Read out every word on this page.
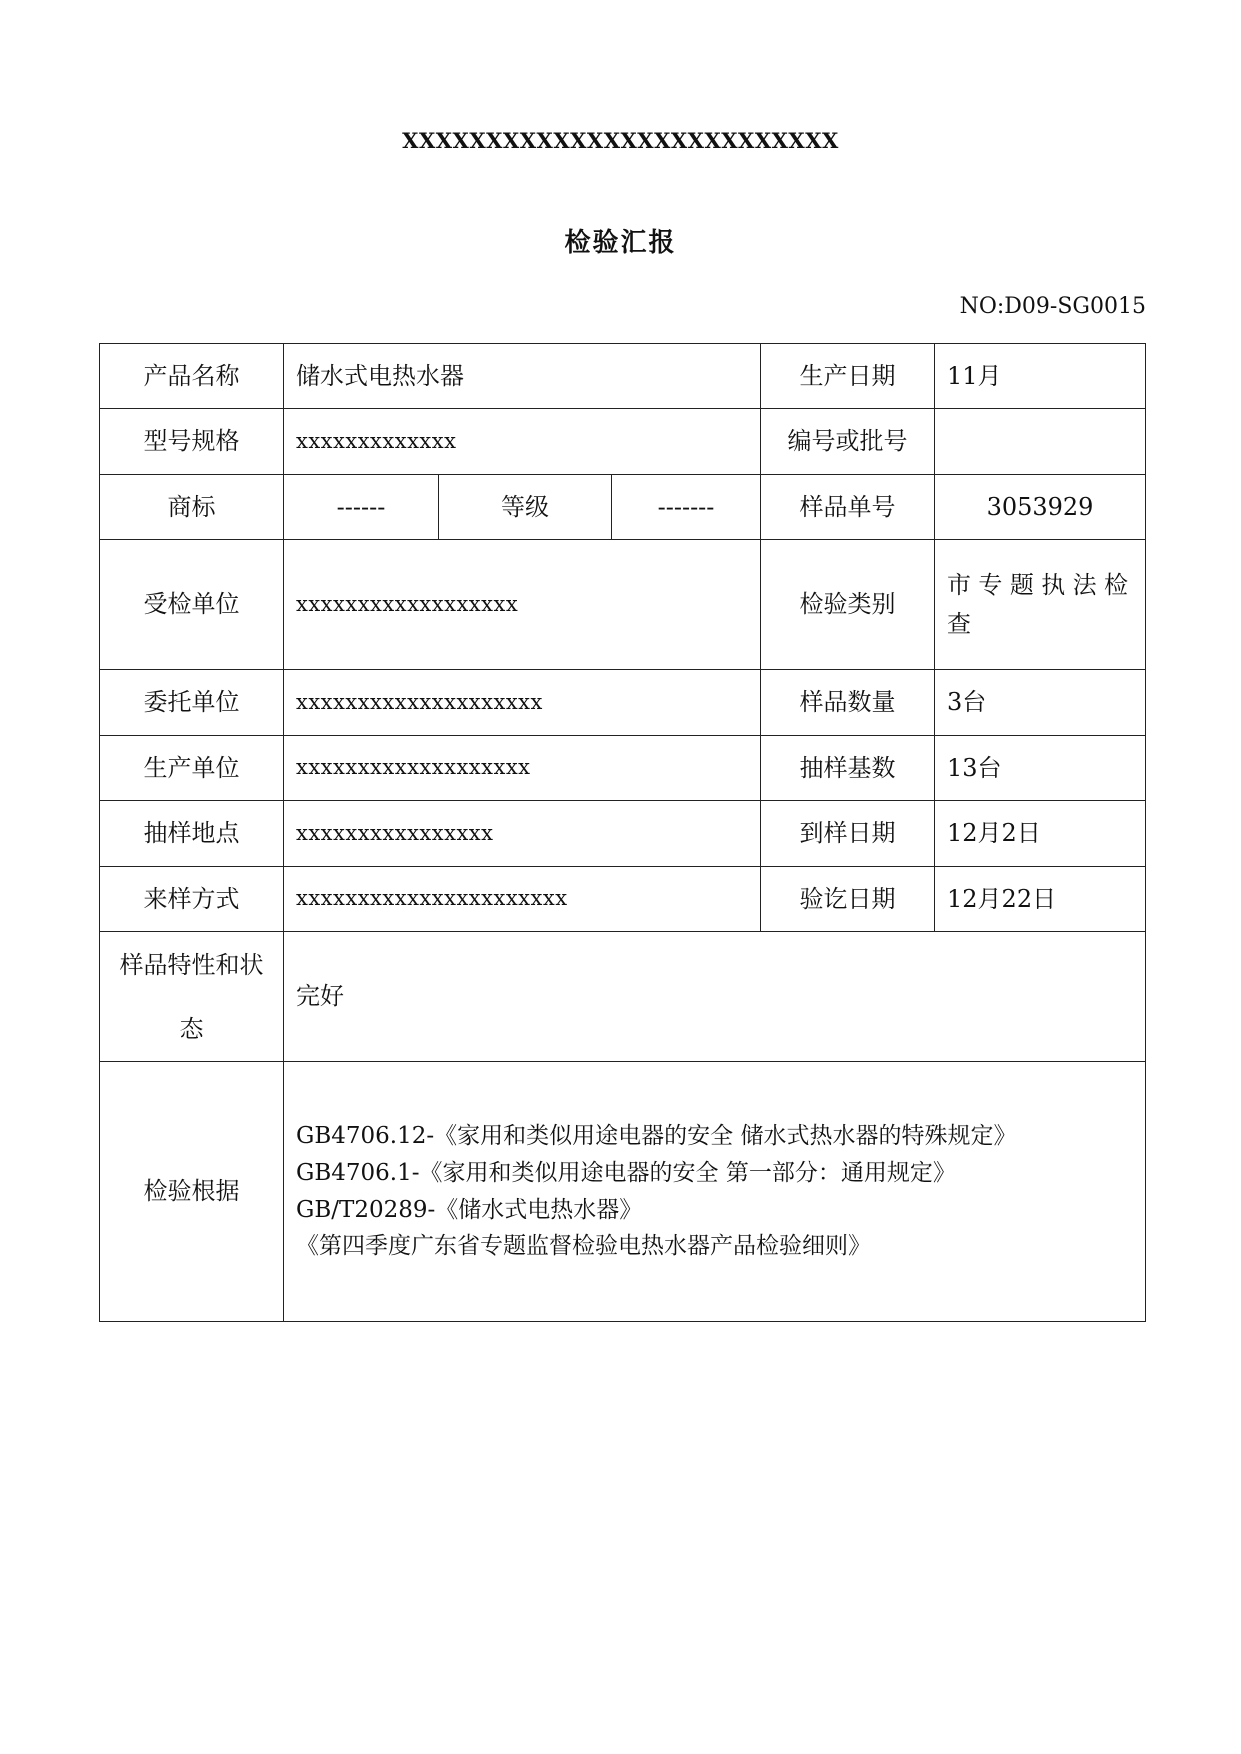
XXXXXXXXXXXXXXXXXXXXXXXXXX
检验汇报
NO:D09-SG0015
产品名称	储水式电热水器			生产日期	11月
型号规格	xxxxxxxxxxxxx			编号或批号	
商标	------	等级	-------	样品单号	3053929
受检单位	xxxxxxxxxxxxxxxxxx			检验类别	市专题执法检查
委托单位	xxxxxxxxxxxxxxxxxxxx			样品数量	3台
生产单位	xxxxxxxxxxxxxxxxxxx			抽样基数	13台
抽样地点	xxxxxxxxxxxxxxxx			到样日期	12月2日
来样方式	xxxxxxxxxxxxxxxxxxxxxx			验讫日期	12月22日
样品特性和状态	完好				
检验根据	GB4706.12-《家用和类似用途电器的安全 储水式热水器的特殊规定》
GB4706.1-《家用和类似用途电器的安全 第一部分：通用规定》
GB/T20289-《储水式电热水器》
《第四季度广东省专题监督检验电热水器产品检验细则》				
